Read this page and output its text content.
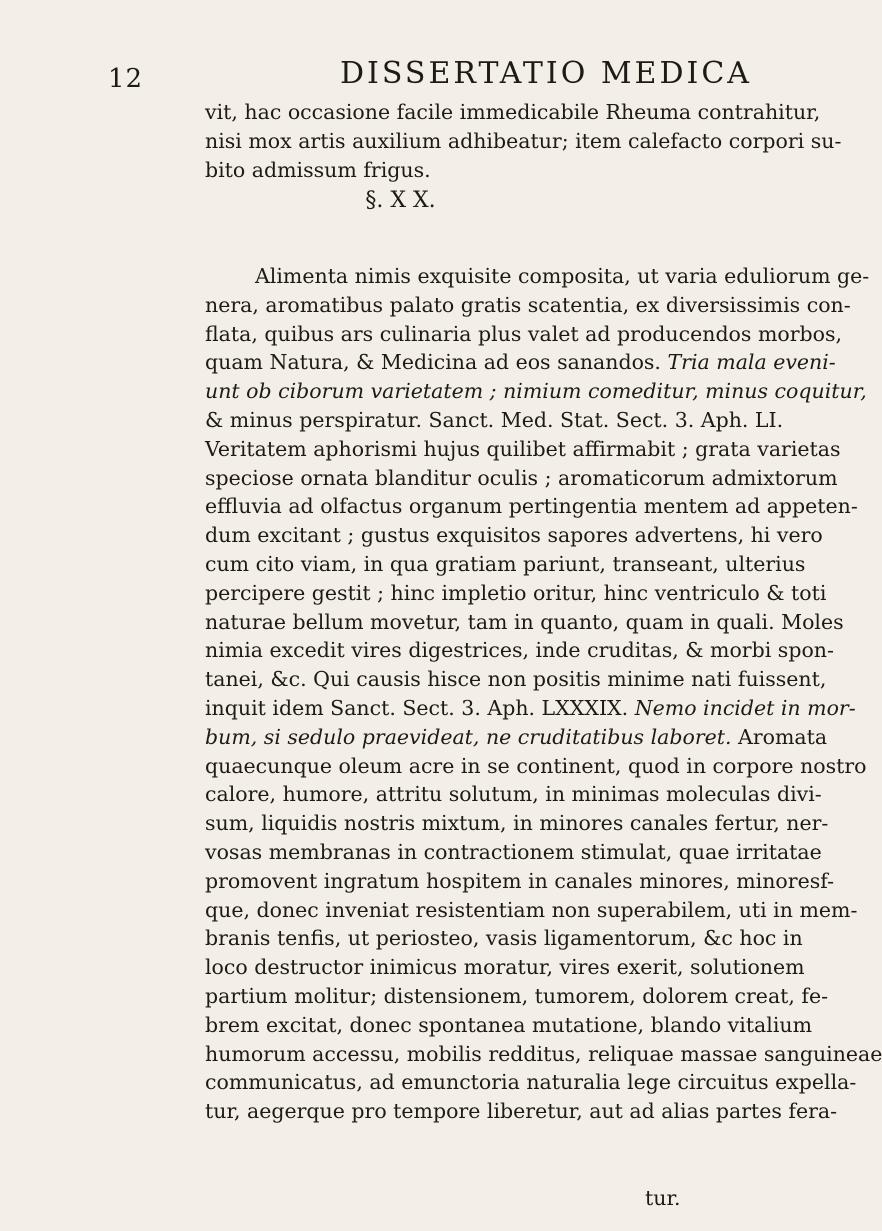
12	DISSERTATIO MEDICA
vit, hac occasione facile immedicabile Rheuma contrahitur,
nisi mox artis auxilium adhibeatur; item calefacto corpori su-
bito admissum frigus.
§. X X.
Alimenta nimis exquisite composita, ut varia eduliorum ge-
nera, aromatibus palato gratis scatentia, ex diversissimis con-
flata, quibus ars culinaria plus valet ad producendos morbos,
quam Natura, & Medicina ad eos sanandos. Tria mala eveni-
unt ob ciborum varietatem ; nimium comeditur, minus coquitur,
& minus perspiratur. Sanct. Med. Stat. Sect. 3. Aph. LI.
Veritatem aphorismi hujus quilibet affirmabit ; grata varietas
speciose ornata blanditur oculis ; aromaticorum admixtorum
effluvia ad olfactus organum pertingentia mentem ad appeten-
dum excitant ; gustus exquisitos sapores advertens, hi vero
cum cito viam, in qua gratiam pariunt, transeant, ulterius
percipere gestit ; hinc impletio oritur, hinc ventriculo & toti
naturae bellum movetur, tam in quanto, quam in quali. Moles
nimia excedit vires digestrices, inde cruditas, & morbi spon-
tanei, &c. Qui causis hisce non positis minime nati fuissent,
inquit idem Sanct. Sect. 3. Aph. LXXXIX. Nemo incidet in mor-
bum, si sedulo praevideat, ne cruditatibus laboret. Aromata
quaecunque oleum acre in se continent, quod in corpore nostro
calore, humore, attritu solutum, in minimas moleculas divi-
sum, liquidis nostris mixtum, in minores canales fertur, ner-
vosas membranas in contractionem stimulat, quae irritatae
promovent ingratum hospitem in canales minores, minoresf-
que, donec inveniat resistentiam non superabilem, uti in mem-
branis tenfis, ut periosteo, vasis ligamentorum, &c hoc in
loco destructor inimicus moratur, vires exerit, solutionem
partium molitur; distensionem, tumorem, dolorem creat, fe-
brem excitat, donec spontanea mutatione, blando vitalium
humorum accessu, mobilis redditus, reliquae massae sanguineae
communicatus, ad emunctoria naturalia lege circuitus expella-
tur, aegerque pro tempore liberetur, aut ad alias partes fera-
tur.
